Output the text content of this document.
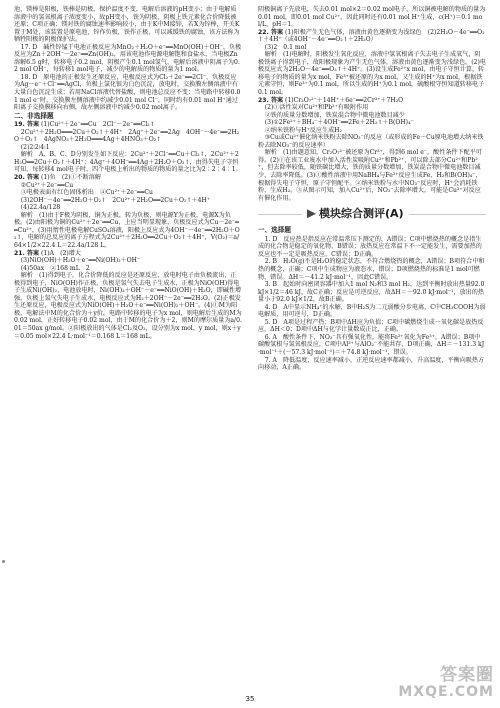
池，镁棒是阳极，铁棒是阴极，保护温度不变，电解后溶液的pH变小；由于电解质溶液中的氢氧根离子浓度变小，故pH变小，铁为阴极，阴极上铁元素化合价降低被还原；C项正确；镁对铁的腐蚀速率影响较小，由于K中M接锌，若X为锌棒，开关K置于M处，该装置是原电池，锌作负极，铁作正极，可以减缓铁的腐蚀，该方法称为牺牲阳极的阴极保护法。

17. D　碱性锌锰干电池正极反应为MnO₂＋H₂O＋e⁻══MnO(OH)＋OH⁻，负极反应为Zn＋2OH⁻－2e⁻══Zn(OH)₂，用该电池作电源电解饱和食盐水，当电极Zn溶解6.5 g时，转移电子0.2 mol，阴极产生0.1 mol氢气，电解后溶液中阴离子为0.2 mol OH⁻，每转移1 mol电子，减少的电解质的物质的量为1 mol。

18. D　原电池的正极发生还原反应，电极反应式为Cl₂＋2e⁻══2Cl⁻，负极反应为Ag－e⁻＋Cl⁻══AgCl，负极上氯化银为白色沉淀，放电时，交换膜左侧溶液中有大量白色沉淀生成；若用NaCl溶液代替盐酸，则电池总反应不变；当电路中转移0.01 mol e⁻时，交换膜左侧溶液中约减少0.01 mol Cl⁻，同时约有0.01 mol H⁺通过阳离子交换膜移向右侧，故左侧溶液中约减少0.02 mol离子。

二、非选择题

19. 答案 (1)Cu²⁺＋2e⁻══Cu　2Cl⁻－2e⁻══Cl₂↑

2Cu²⁺＋2H₂O═══2Cu＋O₂↑＋4H⁺　2Ag⁺＋2e⁻══2Ag　4OH⁻－4e⁻══2H₂O＋O₂↑　4AgNO₃＋2H₂O═══4Ag＋4HNO₃＋O₂↑

(2)2∶2∶4∶1

解析　A、B、C、D分别发生如下反应：2Cu²⁺＋2Cl⁻══Cu＋Cl₂↑，2Cu²⁺＋2H₂O══2Cu＋O₂↑＋4H⁺；4Ag⁺＋4OH⁻══4Ag＋2H₂O＋O₂↑，由得失电子守恒可知，每转移4 mol电子时，四个电极上析出的物质的物质的量之比为2∶2∶4∶1。

20. 答案 (1)负　(2)①不断溶解

②Cu²⁺＋2e⁻══Cu

③电极表面有红色固体析出　④Cu²⁺＋2e⁻══Cu

(3)2OH⁻－4e⁻══2H₂O＋O₂↑　2Cu²⁺＋2H₂O══2Cu＋O₂↑＋4H⁺

(4)22.4a/128

解析　(1)由于F极为阴极，铜为正极，转为负极，则电源Y为正极，电源X为负极。(2)由阳极为铜的Cu²⁺＋2e⁻══Cu，上应当明显现象，负极反应式为Cu－2e⁻══Cu²⁺，(3)用惰性电极电解CuSO₄溶液，阳极上反应式为4OH⁻－4e⁻══2H₂O＋O₂↑，电解的总反应的离子方程式为2Cu²⁺＋2H₂O══2Cu＋O₂↑＋4H⁺，V(O₂)＝a/64×1/2×22.4 L＝22.4a/128 L。

21. 答案 (1)A　(2)增大

(3)NiO(OH)＋H₂O＋e⁻══Ni(OH)₂＋OH⁻

(4)50ax　②168 mL　2

解析　(1)得到电子，化合价降低的反应是还原反应，放电时电子由负极流出，正极得到电子，NiO(OH)作正极，负极是氢气失去电子生成水，正极为NiO(OH)得电子生成Ni(OH)₂，电池放电时，Ni(OH)₂＋OH⁻－e⁻══NiO(OH)＋H₂O，即碱性增强，负极上氢气失电子生成水，电极反应式为H₂＋2OH⁻－2e⁻══2H₂O。(2)正极发生还原反应，电极反应式为NiO(OH)＋H₂O＋e⁻══Ni(OH)₂＋OH⁻。(4)①M为阳极，电解法中M的化合价为＋y价，电路中转移的电子为x mol，则电解后生成的M为0.02 mol，正好转移电子0.02 mol，由于M的化合价为＋2，则M的摩尔质量为a/0.01＝50ax g/mol。②阳极放出的气体是Cl₂及O₂，设分别为x mol、y mol，则x＋y＝0.05 mol×22.4 L·mol⁻¹＝0.168 L＝168 mL。

阴极铜离子先放电，失去0.01 mol×2＝0.02 mol电子，所以铜被电解的物质的量为0.01 mol，即0.01 mol Cu²⁺，因此同时还有0.01 mol H⁺生成，c(H⁺)＝0.1 mol/L，pH＝1。

22. 答案 (1)阳极产生无色气体，溶液由黄色逐渐变为浅绿色　(2)2H₂O－4e⁻══O₂↑＋4H⁺（或4OH⁻－4e⁻══O₂↑＋2H₂O）

(3)2　0.1 mol

解析　(1)电解时，阳极发生氧化反应，溶液中氢氧根离子失去电子生成氧气，阴极铁离子得到电子，故阳极现象为产生无色气体，溶液由黄色逐渐变为浅绿色。(2)电极反应式为2H₂O－4e⁻══O₂↑＋4H⁺。(3)设生成Fe²⁺x mol，由电子守恒计算，转移电子的物质的量为x mol，Fe³⁺被还原的为x mol，又生成的H⁺为x mol，根据铁元素守恒，则Fe³⁺为0.1 mol，所以生成的H⁺为0.1 mol，硫酸根守恒知道转移电子0.1 mol。

23. 答案 (1)Cr₂O₇²⁻＋14H⁺＋6e⁻══2Cr³⁺＋7H₂O

(2)①活性炭对Cu²⁺和Pb²⁺有吸附作用

②铁的质量分数增加，铁炭混合物中微电池数目减少

(3)①2Fe²⁺＋BH₄⁻＋4OH⁻══2Fe＋2H₂↑＋B(OH)₄⁻

②纳米铁粉与H⁺反应生成H₂

③Cu或Cu²⁺催化纳米铁粉去除NO₃⁻的反应（或形成的Fe－Cu原电池增大纳米铁粉去除NO₃⁻的反应速率）

解析　(1)由题意知，Cr₂O₇²⁻被还原为Cr³⁺，得到6 mol e⁻，酸性条件下配平可得。(2)①在该工业废水中加入活性炭吸附Cu²⁺和Pb²⁺，可以除去部分Cu²⁺和Pb²⁺，但去除率较低，随铁碳比增大，铁的质量分数增加，铁炭混合物中微电池数目减少，去除率降低。(3)①酸性溶液中用NaBH₄与Fe²⁺反应生成Fe、H₂和B(OH)₄⁻，根据得失电子守恒，原子守恒配平。②纳米铁粉与水中NO₃⁻反应时，H⁺会消耗铁粉，生成H₂。③从图示可知，加入Cu²⁺后，NO₃⁻去除率增大，可能是Cu²⁺对反应有催化作用。

模块综合测评(A)

一、选择题

1. D　反应热是指反应在常温常压下测定的，A错误；C项中燃烧热的概念是指生成的化合物是稳定的氧化物，B错误；放热反应在常温下不一定能发生，需要加热的反应也不一定是吸热反应，C错误；D正确。

2. B　H₂O(g)不是H₂O的稳定状态，不符合燃烧热的概念，A错误；B项符合中和热的概念，正确；C项中生成物应为液态水，错误；D项燃烧热的标准是1 mol可燃物，错误。ΔH＝－41.2 kJ·mol⁻¹，因此C错误。

3. B　起始时向密闭容器中加入1 mol N₂和3 mol H₂，达到平衡时放出热量92.0 kJ×1/2＝46 kJ，故C正确；反应是可逆反应，故ΔH＝－92.0 kJ·mol⁻¹，放出的热量小于92.0 kJ×1/2，故B正确。

4. D　A中显示NH₄⁺的水解，B中H₂S为二元弱酸分步电离，C中CH₃COOH为弱电解质，用可逆号，D正确。

5. D　A项是过程产热；B项中ΔH应为负值；C项中碳燃烧生成一氧化碳是放热反应，ΔH＜0；D项中ΔH与化学计量数成正比，正确。

6. A　酸性条件下，NO₃⁻具有强氧化性，能将Fe²⁺氧化为Fe³⁺，A错误；B项中碳酸氢根与氢氧根反应，C项中Al³⁺与AlO₂⁻不能共存，D项正确，ΔH＝－131.3 kJ·mol⁻¹＋(－57.3 kJ·mol⁻¹)＝＋74.8 kJ·mol⁻¹，错误。

7. A　降低温度，反应速率减小，正逆反应速率都减小，升高温度，平衡向吸热方向移动，A正确。

35
答案圈
MXQE.COM
